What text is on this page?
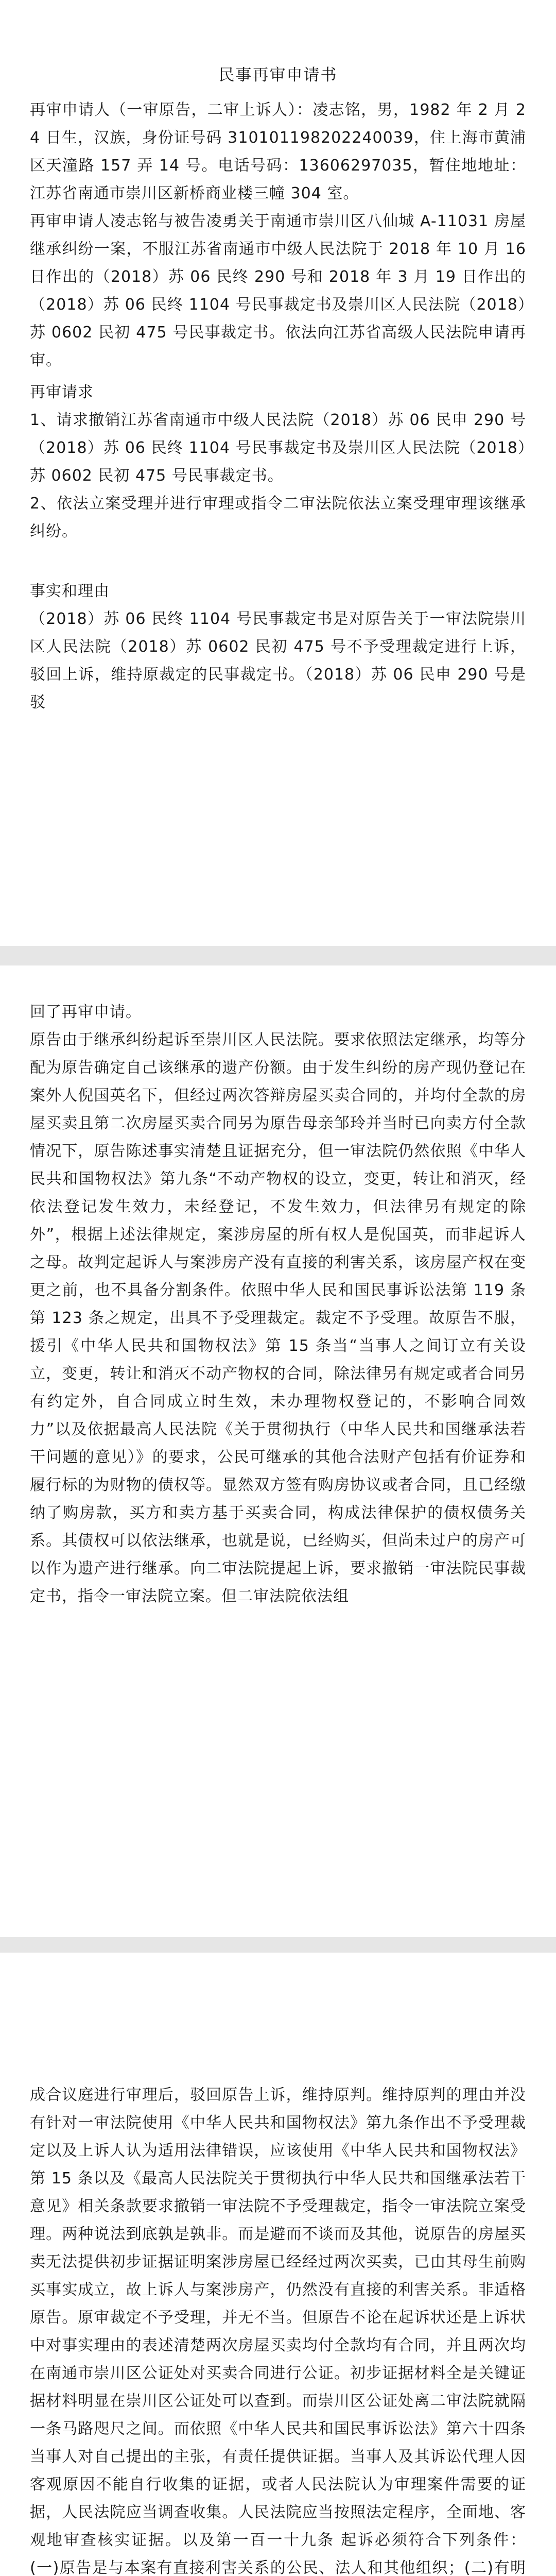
民事再审申请书

再审申请人（一审原告，二审上诉人）：凌志铭，男，1982 年 2 月 24 日生，汉族，身份证号码 310101198202240039，住上海市黄浦区天潼路 157 弄 14 号。电话号码：13606297035，暂住地地址：江苏省南通市崇川区新桥商业楼三幢 304 室。

再审申请人凌志铭与被告凌勇关于南通市崇川区八仙城 A-11031 房屋继承纠纷一案，不服江苏省南通市中级人民法院于 2018 年 10 月 16 日作出的（2018）苏 06 民终 290 号和 2018 年 3 月 19 日作出的（2018）苏 06 民终 1104 号民事裁定书及崇川区人民法院（2018）苏 0602 民初 475 号民事裁定书。依法向江苏省高级人民法院申请再审。

再审请求

1、请求撤销江苏省南通市中级人民法院（2018）苏 06 民申 290 号（2018）苏 06 民终 1104 号民事裁定书及崇川区人民法院（2018）苏 0602 民初 475 号民事裁定书。

2、依法立案受理并进行审理或指令二审法院依法立案受理审理该继承纠纷。

事实和理由

（2018）苏 06 民终 1104 号民事裁定书是对原告关于一审法院崇川区人民法院（2018）苏 0602 民初 475 号不予受理裁定进行上诉，驳回上诉，维持原裁定的民事裁定书。（2018）苏 06 民申 290 号是驳

回了再审申请。

原告由于继承纠纷起诉至崇川区人民法院。要求依照法定继承，均等分配为原告确定自己该继承的遗产份额。由于发生纠纷的房产现仍登记在案外人倪国英名下，但经过两次答辩房屋买卖合同的，并均付全款的房屋买卖且第二次房屋买卖合同另为原告母亲邹玲并当时已向卖方付全款情况下，原告陈述事实清楚且证据充分，但一审法院仍然依照《中华人民共和国物权法》第九条“不动产物权的设立，变更，转让和消灭，经依法登记发生效力，未经登记，不发生效力，但法律另有规定的除外”，根据上述法律规定，案涉房屋的所有权人是倪国英，而非起诉人之母。故判定起诉人与案涉房产没有直接的利害关系，该房屋产权在变更之前，也不具备分割条件。依照中华人民和国民事诉讼法第 119 条第 123 条之规定，出具不予受理裁定。裁定不予受理。故原告不服，援引《中华人民共和国物权法》第 15 条当“当事人之间订立有关设立，变更，转让和消灭不动产物权的合同，除法律另有规定或者合同另有约定外，自合同成立时生效，未办理物权登记的，不影响合同效力”以及依据最高人民法院《关于贯彻执行（中华人民共和国继承法若干问题的意见）》的要求，公民可继承的其他合法财产包括有价证券和履行标的为财物的债权等。显然双方签有购房协议或者合同，且已经缴纳了购房款，买方和卖方基于买卖合同，构成法律保护的债权债务关系。其债权可以依法继承，也就是说，已经购买，但尚未过户的房产可以作为遗产进行继承。向二审法院提起上诉，要求撤销一审法院民事裁定书，指令一审法院立案。但二审法院依法组

成合议庭进行审理后，驳回原告上诉，维持原判。维持原判的理由并没有针对一审法院使用《中华人民共和国物权法》第九条作出不予受理裁定以及上诉人认为适用法律错误，应该使用《中华人民共和国物权法》第 15 条以及《最高人民法院关于贯彻执行中华人民共和国继承法若干意见》相关条款要求撤销一审法院不予受理裁定，指令一审法院立案受理。两种说法到底孰是孰非。而是避而不谈而及其他，说原告的房屋买卖无法提供初步证据证明案涉房屋已经经过两次买卖，已由其母生前购买事实成立，故上诉人与案涉房产，仍然没有直接的利害关系。非适格原告。原审裁定不予受理，并无不当。但原告不论在起诉状还是上诉状中对事实理由的表述清楚两次房屋买卖均付全款均有合同，并且两次均在南通市崇川区公证处对买卖合同进行公证。初步证据材料全是关键证据材料明显在崇川区公证处可以查到。而崇川区公证处离二审法院就隔一条马路咫尺之间。而依照《中华人民共和国民事诉讼法》第六十四条 当事人对自己提出的主张，有责任提供证据。当事人及其诉讼代理人因客观原因不能自行收集的证据，或者人民法院认为审理案件需要的证据，人民法院应当调查收集。人民法院应当按照法定程序，全面地、客观地审查核实证据。以及第一百一十九条 起诉必须符合下列条件：(一)原告是与本案有直接利害关系的公民、法人和其他组织；(二)有明
